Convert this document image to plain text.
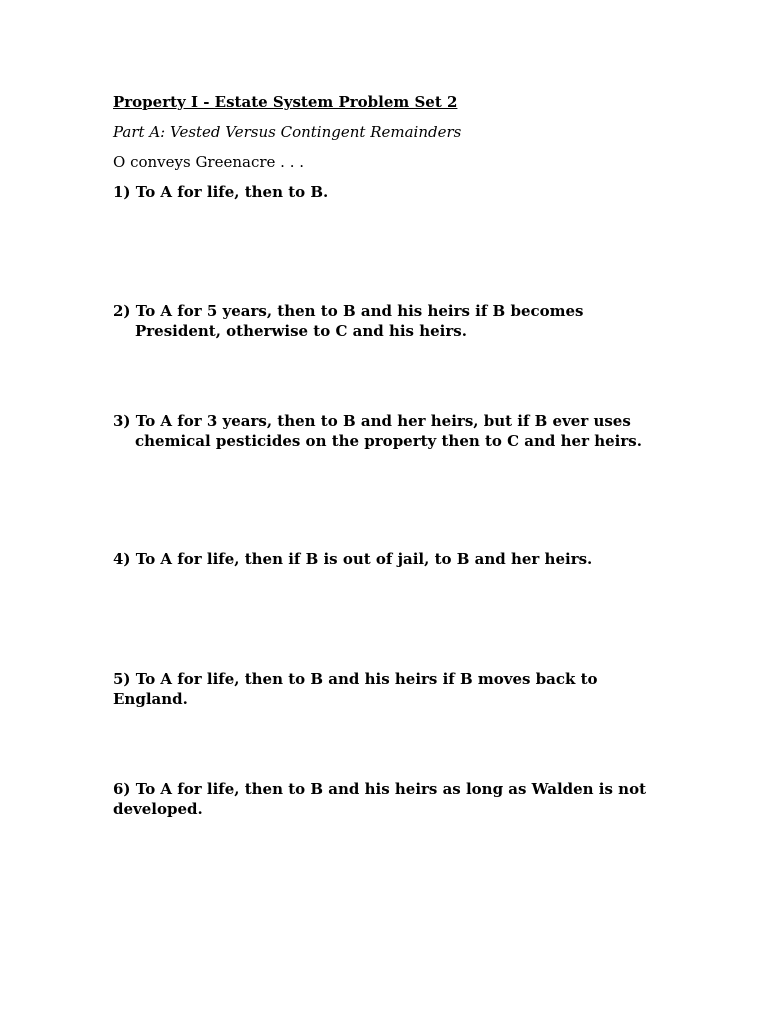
Property I - Estate System Problem Set 2
Part A: Vested Versus Contingent Remainders
O conveys Greenacre . . .
1) To A for life, then to B.
2) To A for 5 years, then to B and his heirs if B becomes
President, otherwise to C and his heirs.
3) To A for 3 years, then to B and her heirs, but if B ever uses
chemical pesticides on the property then to C and her heirs.
4) To A for life, then if B is out of jail, to B and her heirs.
5) To A for life, then to B and his heirs if B moves back to
England.
6) To A for life, then to B and his heirs as long as Walden is not
developed.
